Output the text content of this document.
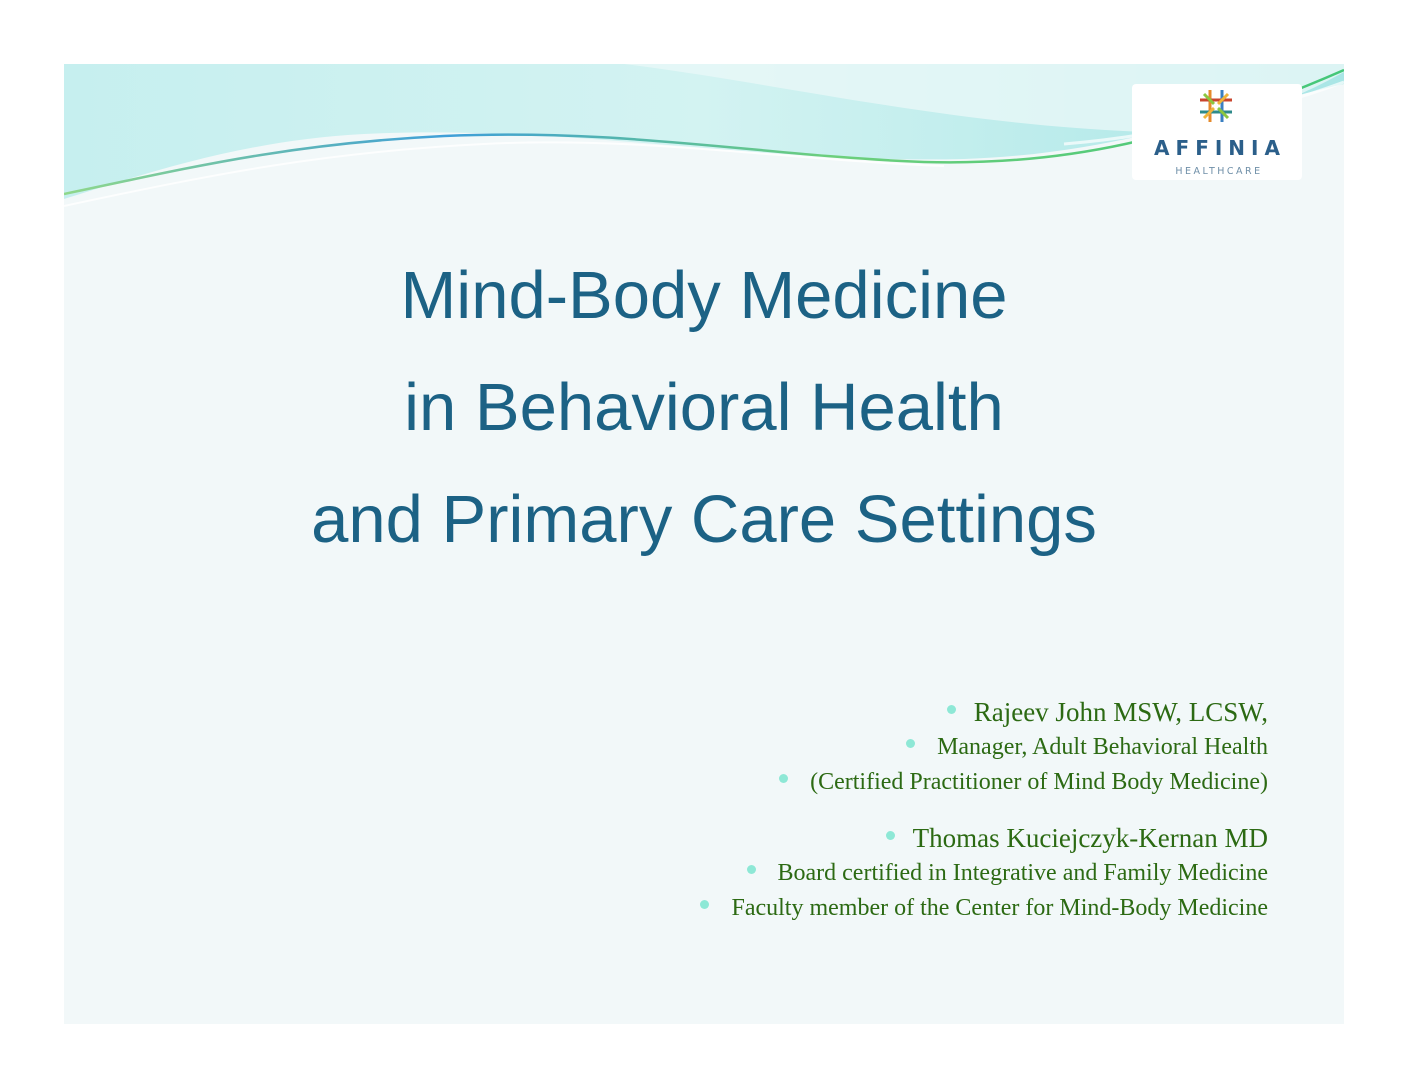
AFFINIA
HEALTHCARE
Mind-Body Medicine
in Behavioral Health
and Primary Care Settings
Rajeev John MSW, LCSW,
Manager, Adult Behavioral Health
(Certified Practitioner of Mind Body Medicine)
Thomas Kuciejczyk-Kernan MD
Board certified in Integrative and Family Medicine
Faculty member of the Center for Mind-Body Medicine
